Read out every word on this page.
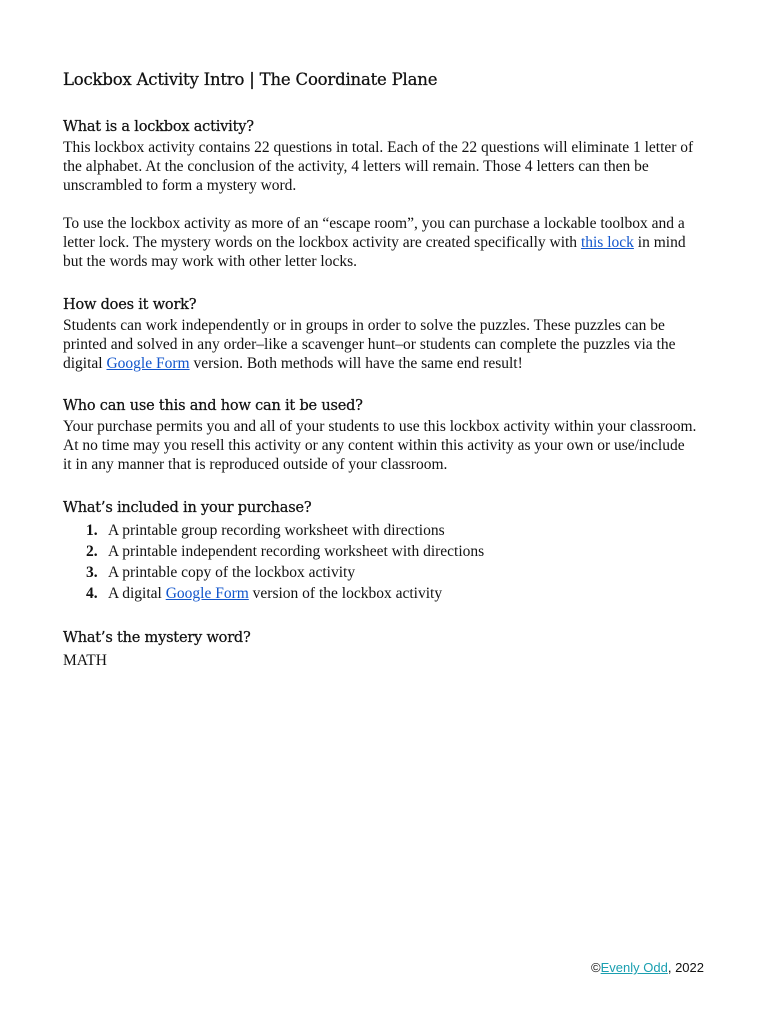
Lockbox Activity Intro | The Coordinate Plane
What is a lockbox activity?
This lockbox activity contains 22 questions in total. Each of the 22 questions will eliminate 1 letter of
the alphabet. At the conclusion of the activity, 4 letters will remain. Those 4 letters can then be
unscrambled to form a mystery word.
To use the lockbox activity as more of an “escape room”, you can purchase a lockable toolbox and a
letter lock. The mystery words on the lockbox activity are created specifically with this lock in mind
but the words may work with other letter locks.
How does it work?
Students can work independently or in groups in order to solve the puzzles. These puzzles can be
printed and solved in any order–like a scavenger hunt–or students can complete the puzzles via the
digital Google Form version. Both methods will have the same end result!
Who can use this and how can it be used?
Your purchase permits you and all of your students to use this lockbox activity within your classroom.
At no time may you resell this activity or any content within this activity as your own or use/include
it in any manner that is reproduced outside of your classroom.
What’s included in your purchase?
1. A printable group recording worksheet with directions
2. A printable independent recording worksheet with directions
3. A printable copy of the lockbox activity
4. A digital Google Form version of the lockbox activity
What’s the mystery word?
MATH
©Evenly Odd, 2022
